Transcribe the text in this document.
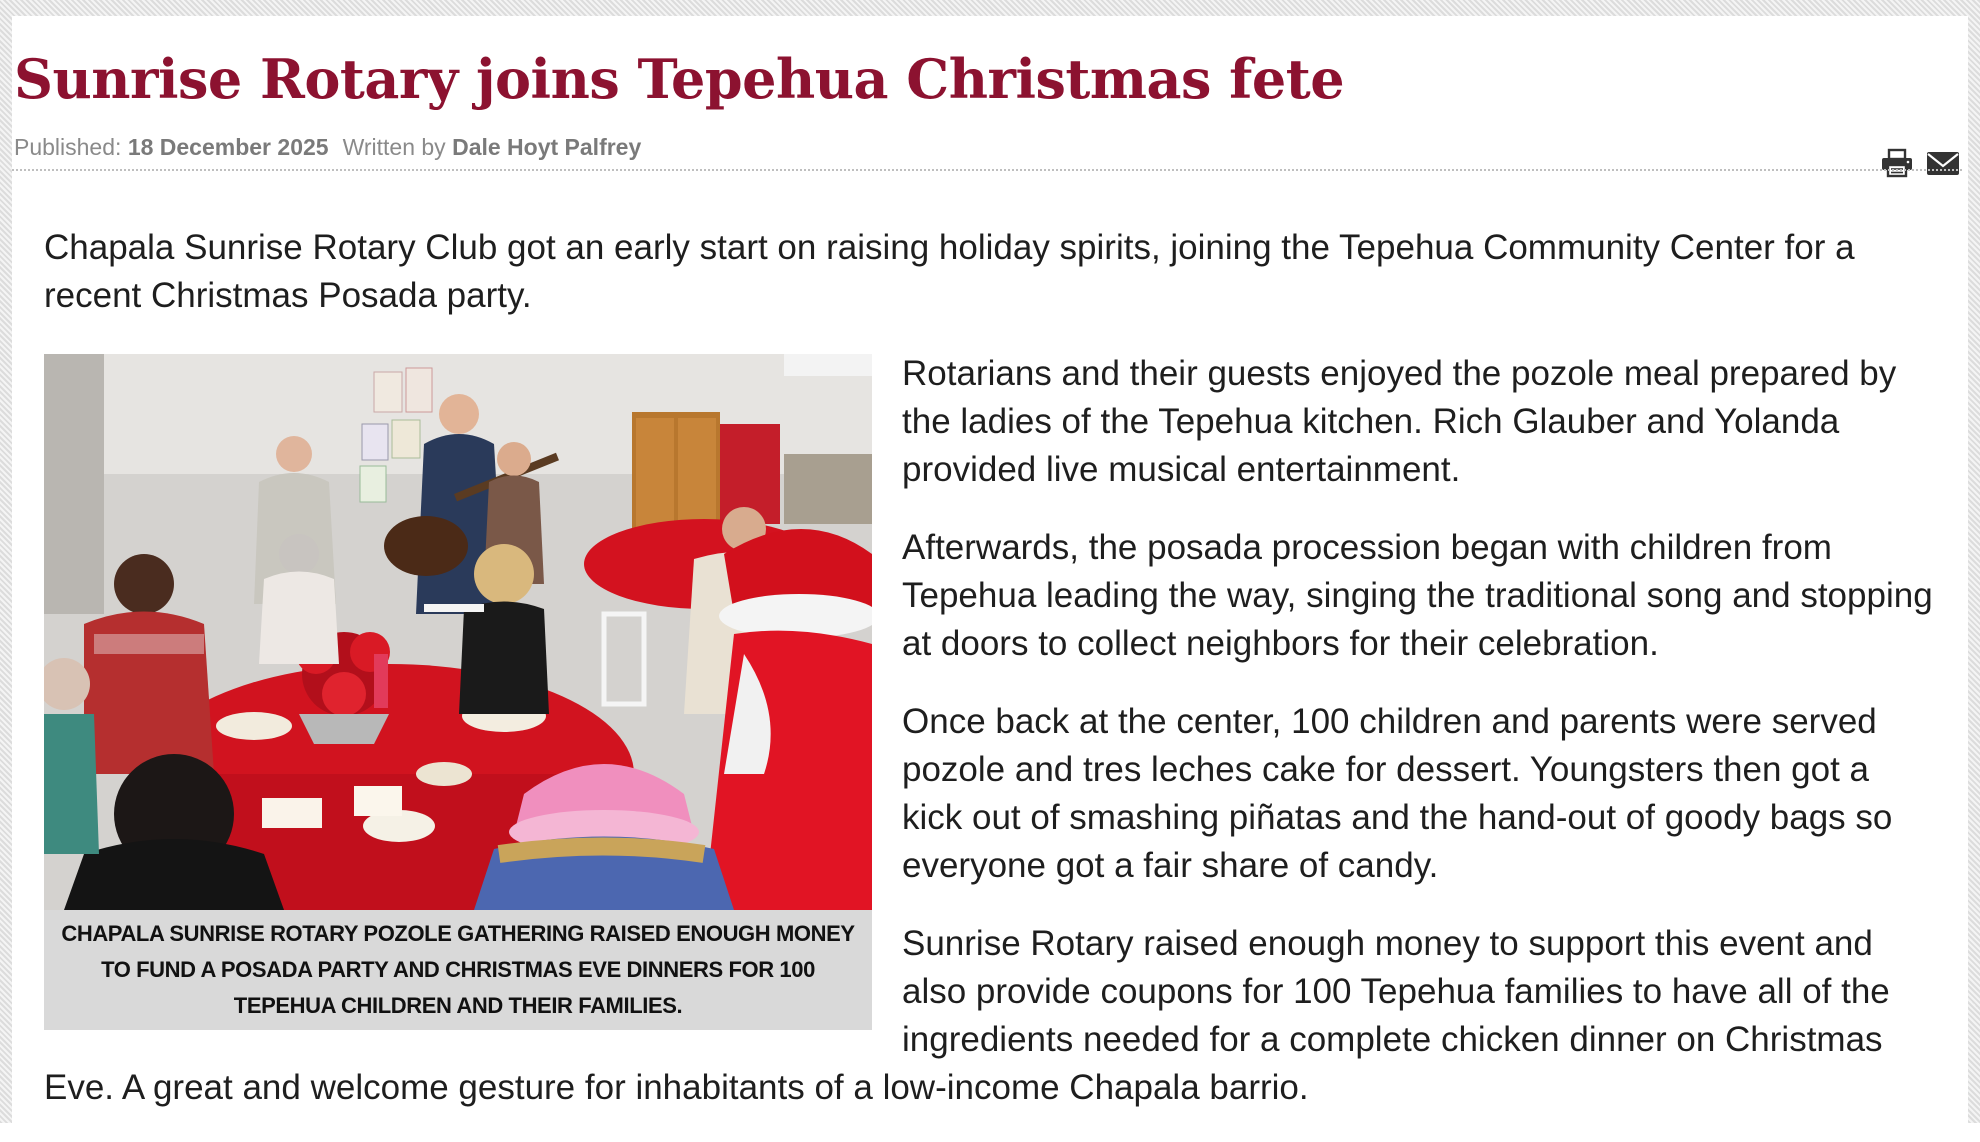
Sunrise Rotary joins Tepehua Christmas fete
Published: 18 December 2025 Written by Dale Hoyt Palfrey

Chapala Sunrise Rotary Club got an early start on raising holiday spirits, joining the Tepehua Community Center for a recent Christmas Posada party.

CHAPALA SUNRISE ROTARY POZOLE GATHERING RAISED ENOUGH MONEY TO FUND A POSADA PARTY AND CHRISTMAS EVE DINNERS FOR 100 TEPEHUA CHILDREN AND THEIR FAMILIES.

Rotarians and their guests enjoyed the pozole meal prepared by the ladies of the Tepehua kitchen. Rich Glauber and Yolanda provided live musical entertainment.

Afterwards, the posada procession began with children from Tepehua leading the way, singing the traditional song and stopping at doors to collect neighbors for their celebration.

Once back at the center, 100 children and parents were served pozole and tres leches cake for dessert. Youngsters then got a kick out of smashing piñatas and the hand-out of goody bags so everyone got a fair share of candy.

Sunrise Rotary raised enough money to support this event and also provide coupons for 100 Tepehua families to have all of the ingredients needed for a complete chicken dinner on Christmas Eve. A great and welcome gesture for inhabitants of a low-income Chapala barrio.
